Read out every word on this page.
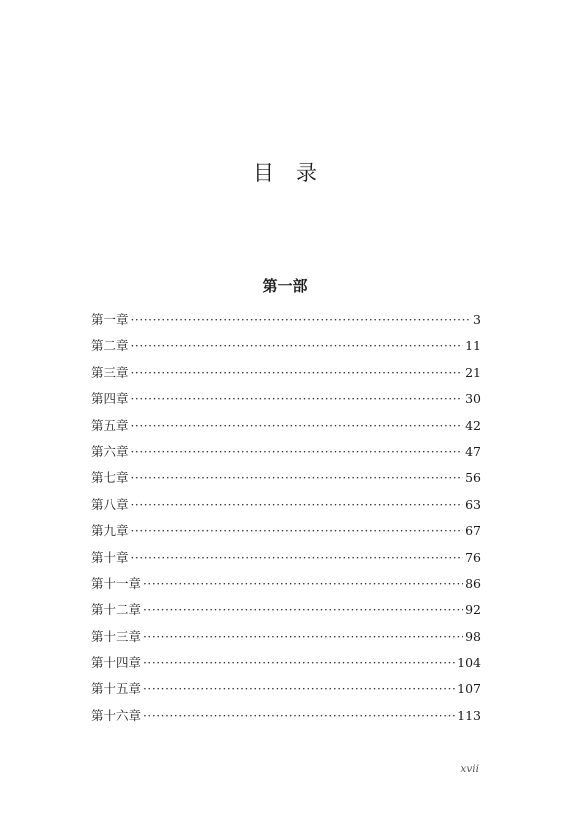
目录
第一部
第一章 ·····	3
第二章 ·····	11
第三章 ·····	21
第四章 ·····	30
第五章 ·····	42
第六章 ·····	47
第七章 ·····	56
第八章 ·····	63
第九章 ·····	67
第十章 ·····	76
第十一章 ·····	86
第十二章 ·····	92
第十三章 ·····	98
第十四章 ·····	104
第十五章 ·····	107
第十六章 ·····	113
xvii
